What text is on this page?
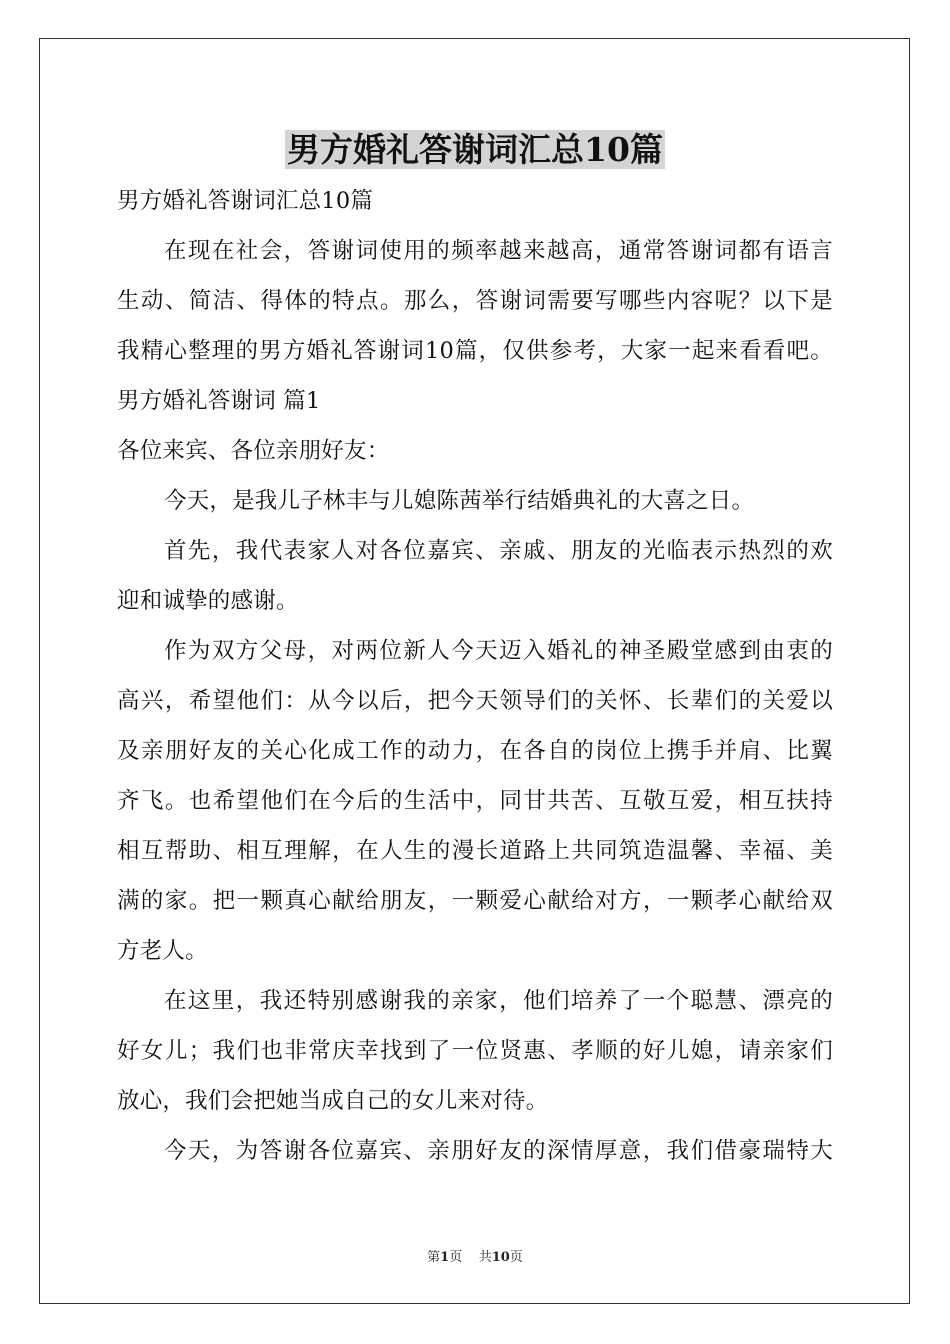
男方婚礼答谢词汇总10篇

男方婚礼答谢词汇总10篇

在现在社会，答谢词使用的频率越来越高，通常答谢词都有语言

生动、简洁、得体的特点。那么，答谢词需要写哪些内容呢？以下是

我精心整理的男方婚礼答谢词10篇，仅供参考，大家一起来看看吧。

男方婚礼答谢词 篇1

各位来宾、各位亲朋好友：

今天，是我儿子林丰与儿媳陈茜举行结婚典礼的大喜之日。

首先，我代表家人对各位嘉宾、亲戚、朋友的光临表示热烈的欢

迎和诚挚的感谢。

作为双方父母，对两位新人今天迈入婚礼的神圣殿堂感到由衷的

高兴，希望他们：从今以后，把今天领导们的关怀、长辈们的关爱以

及亲朋好友的关心化成工作的动力，在各自的岗位上携手并肩、比翼

齐飞。也希望他们在今后的生活中，同甘共苦、互敬互爱，相互扶持

相互帮助、相互理解，在人生的漫长道路上共同筑造温馨、幸福、美

满的家。把一颗真心献给朋友，一颗爱心献给对方，一颗孝心献给双

方老人。

在这里，我还特别感谢我的亲家，他们培养了一个聪慧、漂亮的

好女儿；我们也非常庆幸找到了一位贤惠、孝顺的好儿媳，请亲家们

放心，我们会把她当成自己的女儿来对待。

今天，为答谢各位嘉宾、亲朋好友的深情厚意，我们借豪瑞特大

第1页 共10页
